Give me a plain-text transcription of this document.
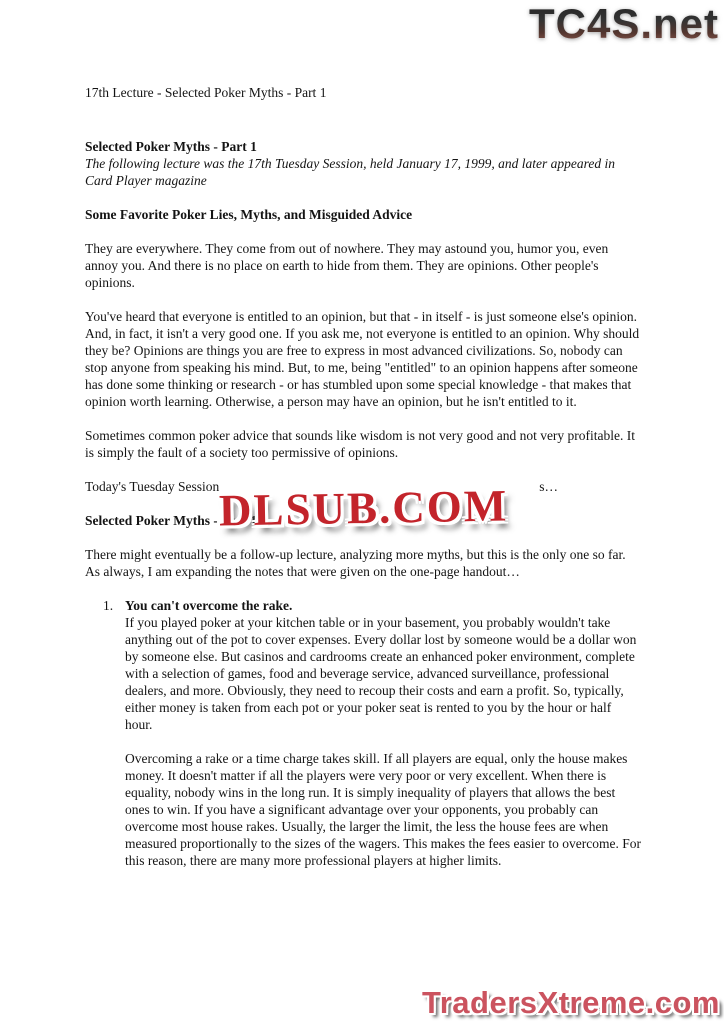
17th Lecture - Selected Poker Myths - Part 1
Selected Poker Myths - Part 1
The following lecture was the 17th Tuesday Session, held January 17, 1999, and later appeared in Card Player magazine
Some Favorite Poker Lies, Myths, and Misguided Advice
They are everywhere. They come from out of nowhere. They may astound you, humor you, even annoy you. And there is no place on earth to hide from them. They are opinions. Other people's opinions.
You've heard that everyone is entitled to an opinion, but that - in itself - is just someone else's opinion. And, in fact, it isn't a very good one. If you ask me, not everyone is entitled to an opinion. Why should they be? Opinions are things you are free to express in most advanced civilizations. So, nobody can stop anyone from speaking his mind. But, to me, being "entitled" to an opinion happens after someone has done some thinking or research - or has stumbled upon some special knowledge - that makes that opinion worth learning. Otherwise, a person may have an opinion, but he isn't entitled to it.
Sometimes common poker advice that sounds like wisdom is not very good and not very profitable. It is simply the fault of a society too permissive of opinions.
Today's Tuesday Session	s…
Selected Poker Myths - Part 1
There might eventually be a follow-up lecture, analyzing more myths, but this is the only one so far. As always, I am expanding the notes that were given on the one-page handout…
1. You can't overcome the rake.
If you played poker at your kitchen table or in your basement, you probably wouldn't take anything out of the pot to cover expenses. Every dollar lost by someone would be a dollar won by someone else. But casinos and cardrooms create an enhanced poker environment, complete with a selection of games, food and beverage service, advanced surveillance, professional dealers, and more. Obviously, they need to recoup their costs and earn a profit. So, typically, either money is taken from each pot or your poker seat is rented to you by the hour or half hour.
Overcoming a rake or a time charge takes skill. If all players are equal, only the house makes money. It doesn't matter if all the players were very poor or very excellent. When there is equality, nobody wins in the long run. It is simply inequality of players that allows the best ones to win. If you have a significant advantage over your opponents, you probably can overcome most house rakes. Usually, the larger the limit, the less the house fees are when measured proportionally to the sizes of the wagers. This makes the fees easier to overcome. For this reason, there are many more professional players at higher limits.
TC4S.net
DLSUB.COM
TradersXtreme.com
